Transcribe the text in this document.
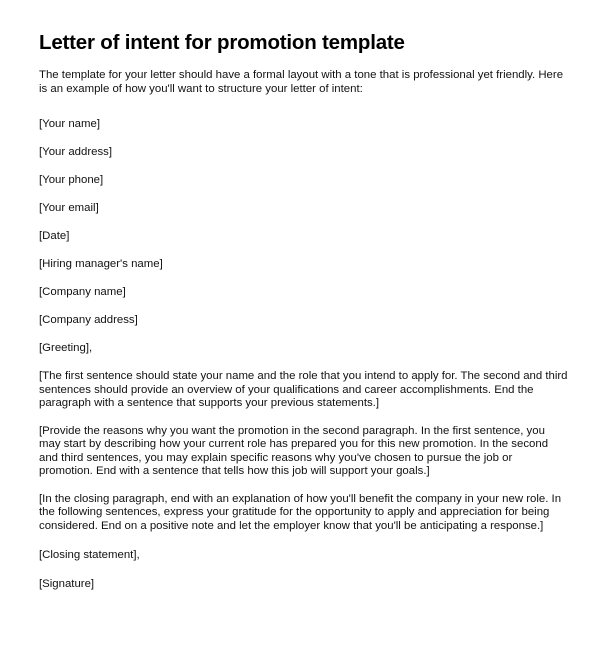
Letter of intent for promotion template
The template for your letter should have a formal layout with a tone that is professional yet friendly. Here is an example of how you'll want to structure your letter of intent:
[Your name]
[Your address]
[Your phone]
[Your email]
[Date]
[Hiring manager's name]
[Company name]
[Company address]
[Greeting],
[The first sentence should state your name and the role that you intend to apply for. The second and third sentences should provide an overview of your qualifications and career accomplishments. End the paragraph with a sentence that supports your previous statements.]
[Provide the reasons why you want the promotion in the second paragraph. In the first sentence, you may start by describing how your current role has prepared you for this new promotion. In the second and third sentences, you may explain specific reasons why you've chosen to pursue the job or promotion. End with a sentence that tells how this job will support your goals.]
[In the closing paragraph, end with an explanation of how you'll benefit the company in your new role. In the following sentences, express your gratitude for the opportunity to apply and appreciation for being considered. End on a positive note and let the employer know that you'll be anticipating a response.]
[Closing statement],
[Signature]
